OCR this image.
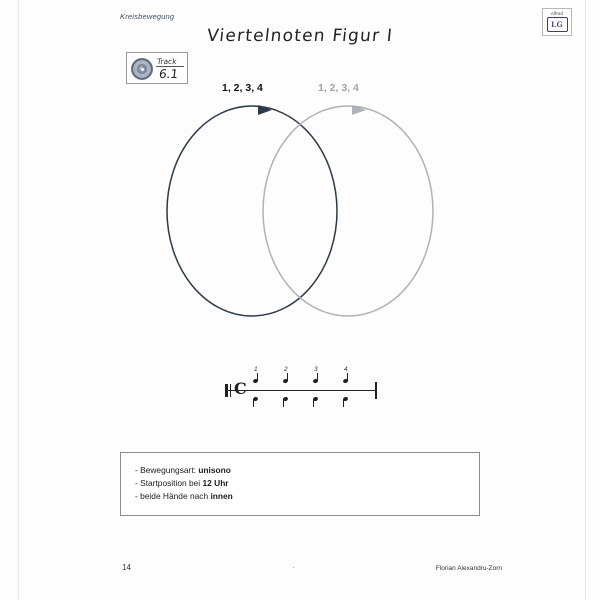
Kreisbewegung	Alfred
LG
Viertelnoten Figur I
Track
6.1
1, 2, 3, 4	1, 2, 3, 4
C
1	2	3	4
- Bewegungsart: unisono
- Startposition bei 12 Uhr
- beide Hände nach innen
14	·	Florian Alexandru-Zorn
